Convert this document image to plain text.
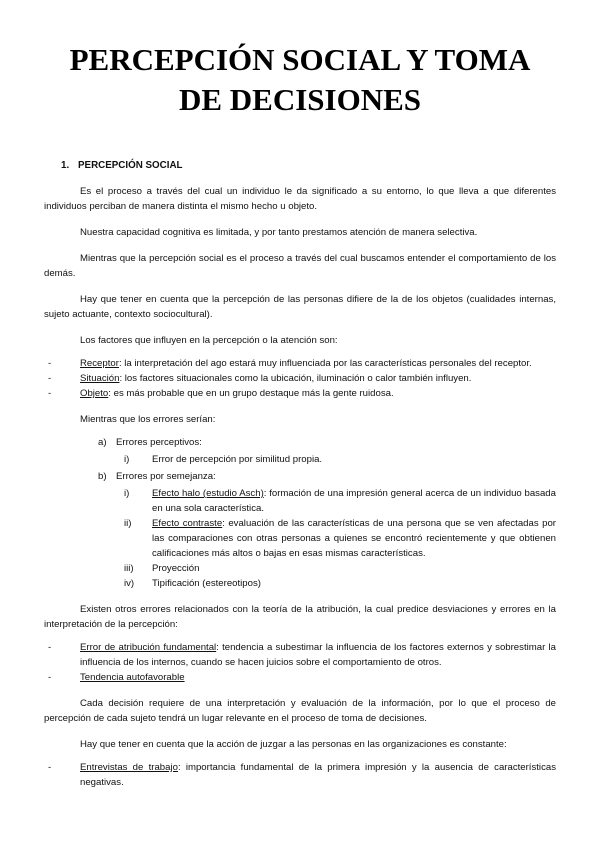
PERCEPCIÓN SOCIAL Y TOMA DE DECISIONES
1. PERCEPCIÓN SOCIAL

Es el proceso a través del cual un individuo le da significado a su entorno, lo que lleva a que diferentes individuos perciban de manera distinta el mismo hecho u objeto.

Nuestra capacidad cognitiva es limitada, y por tanto prestamos atención de manera selectiva.

Mientras que la percepción social es el proceso a través del cual buscamos entender el comportamiento de los demás.

Hay que tener en cuenta que la percepción de las personas difiere de la de los objetos (cualidades internas, sujeto actuante, contexto sociocultural).

Los factores que influyen en la percepción o la atención son:

-	Receptor: la interpretación del ago estará muy influenciada por las características personales del receptor.
-	Situación: los factores situacionales como la ubicación, iluminación o calor también influyen.
-	Objeto: es más probable que en un grupo destaque más la gente ruidosa.

Mientras que los errores serían:

a) Errores perceptivos:
i) Error de percepción por similitud propia.
b) Errores por semejanza:
i) Efecto halo (estudio Asch): formación de una impresión general acerca de un individuo basada en una sola característica.
ii) Efecto contraste: evaluación de las características de una persona que se ven afectadas por las comparaciones con otras personas a quienes se encontró recientemente y que obtienen calificaciones más altos o bajas en esas mismas características.
iii) Proyección
iv) Tipificación (estereotipos)

Existen otros errores relacionados con la teoría de la atribución, la cual predice desviaciones y errores en la interpretación de la percepción:

-	Error de atribución fundamental: tendencia a subestimar la influencia de los factores externos y sobrestimar la influencia de los internos, cuando se hacen juicios sobre el comportamiento de otros.
-	Tendencia autofavorable

Cada decisión requiere de una interpretación y evaluación de la información, por lo que el proceso de percepción de cada sujeto tendrá un lugar relevante en el proceso de toma de decisiones.

Hay que tener en cuenta que la acción de juzgar a las personas en las organizaciones es constante:

-	Entrevistas de trabajo: importancia fundamental de la primera impresión y la ausencia de características negativas.
